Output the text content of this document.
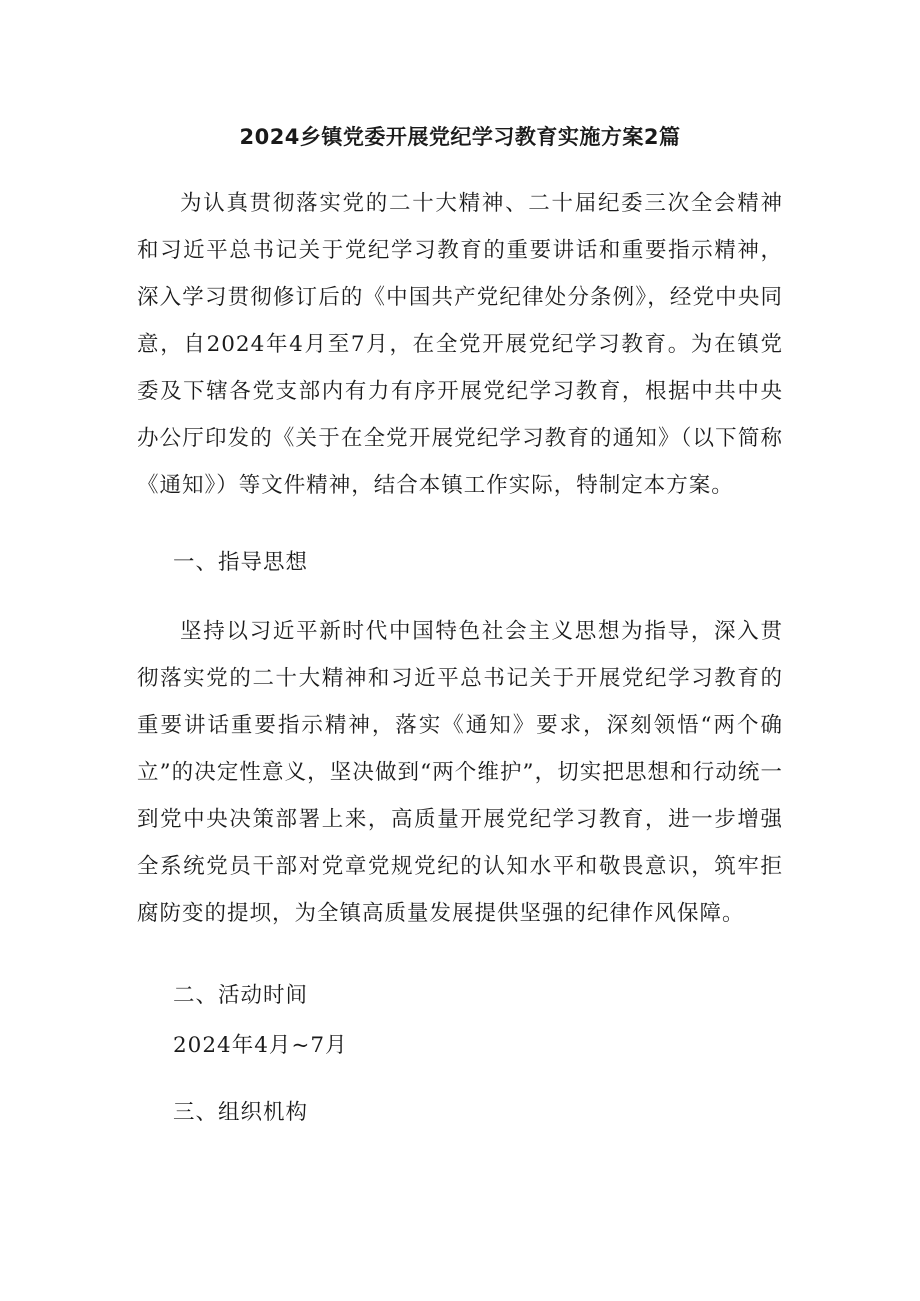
2024乡镇党委开展党纪学习教育实施方案2篇

为认真贯彻落实党的二十大精神、二十届纪委三次全会精神和习近平总书记关于党纪学习教育的重要讲话和重要指示精神，深入学习贯彻修订后的《中国共产党纪律处分条例》，经党中央同意，自2024年4月至7月，在全党开展党纪学习教育。为在镇党委及下辖各党支部内有力有序开展党纪学习教育，根据中共中央办公厅印发的《关于在全党开展党纪学习教育的通知》（以下简称《通知》）等文件精神，结合本镇工作实际，特制定本方案。

一、指导思想

坚持以习近平新时代中国特色社会主义思想为指导，深入贯彻落实党的二十大精神和习近平总书记关于开展党纪学习教育的重要讲话重要指示精神，落实《通知》要求，深刻领悟“两个确立”的决定性意义，坚决做到“两个维护”，切实把思想和行动统一到党中央决策部署上来，高质量开展党纪学习教育，进一步增强全系统党员干部对党章党规党纪的认知水平和敬畏意识，筑牢拒腐防变的提坝，为全镇高质量发展提供坚强的纪律作风保障。

二、活动时间

2024年4月~7月

三、组织机构
